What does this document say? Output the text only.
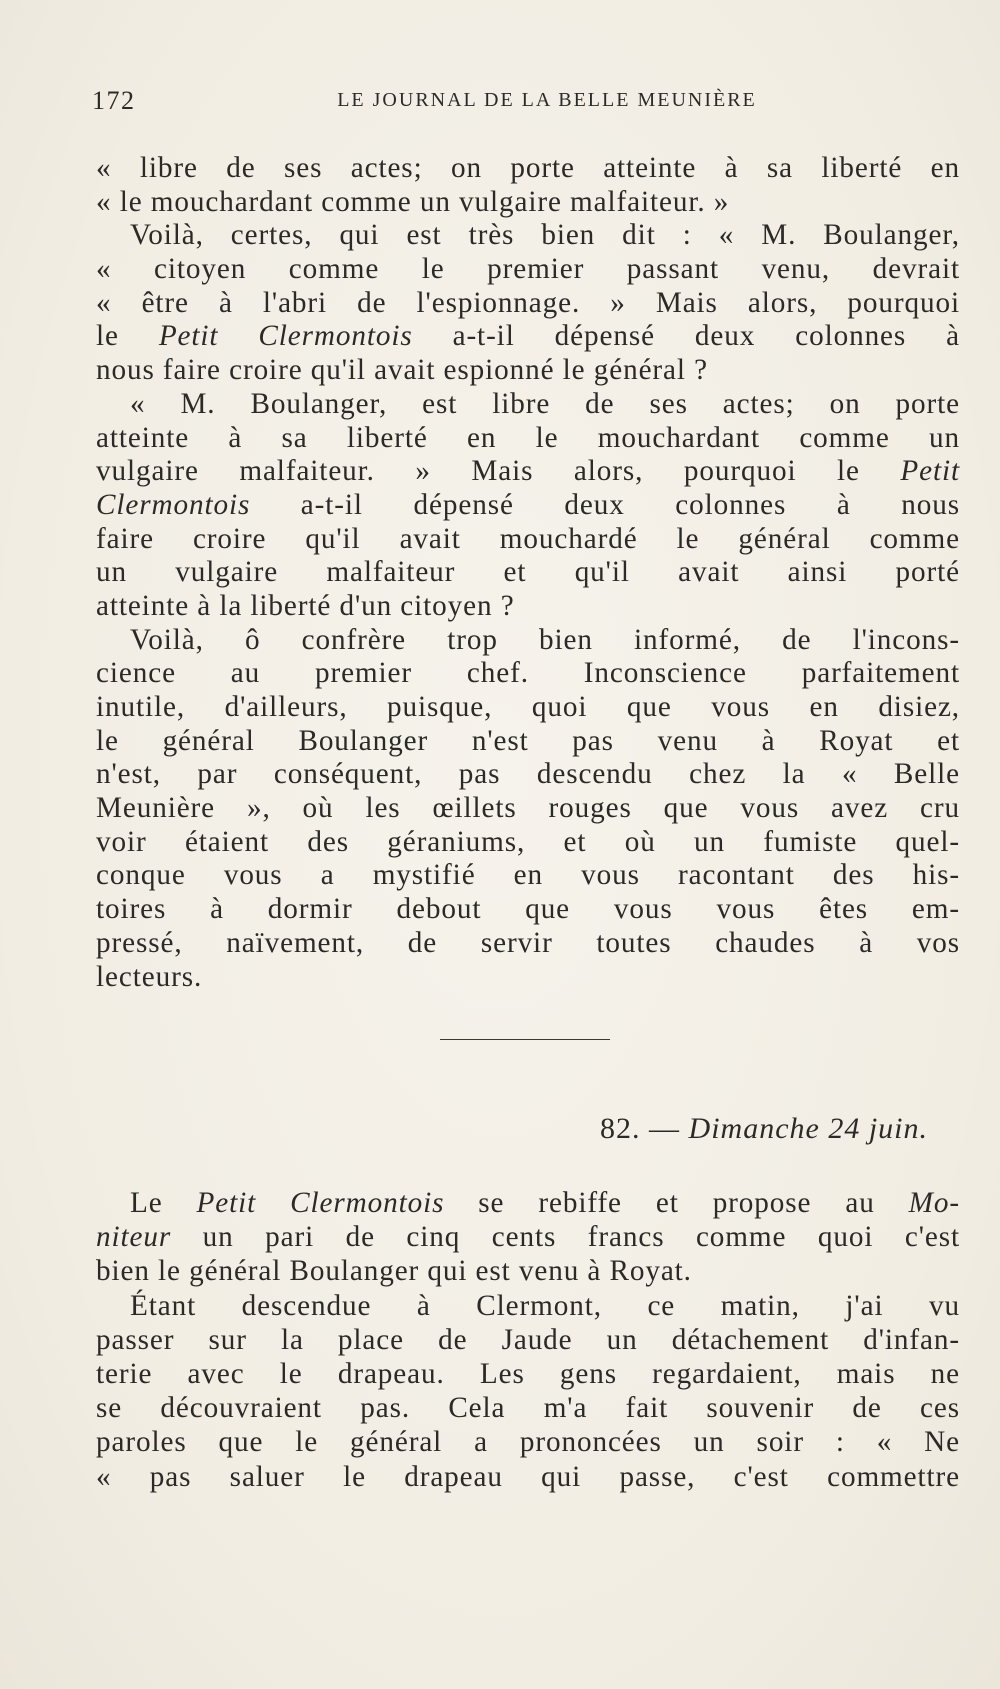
172	LE JOURNAL DE LA BELLE MEUNIÈRE
« libre de ses actes; on porte atteinte à sa liberté en
« le mouchardant comme un vulgaire malfaiteur. »
Voilà, certes, qui est très bien dit : « M. Boulanger,
« citoyen comme le premier passant venu, devrait
« être à l'abri de l'espionnage. » Mais alors, pourquoi
le Petit Clermontois a-t-il dépensé deux colonnes à
nous faire croire qu'il avait espionné le général ?
« M. Boulanger, est libre de ses actes; on porte
atteinte à sa liberté en le mouchardant comme un
vulgaire malfaiteur. » Mais alors, pourquoi le Petit
Clermontois a-t-il dépensé deux colonnes à nous
faire croire qu'il avait mouchardé le général comme
un vulgaire malfaiteur et qu'il avait ainsi porté
atteinte à la liberté d'un citoyen ?
Voilà, ô confrère trop bien informé, de l'incons-
cience au premier chef. Inconscience parfaitement
inutile, d'ailleurs, puisque, quoi que vous en disiez,
le général Boulanger n'est pas venu à Royat et
n'est, par conséquent, pas descendu chez la « Belle
Meunière », où les œillets rouges que vous avez cru
voir étaient des géraniums, et où un fumiste quel-
conque vous a mystifié en vous racontant des his-
toires à dormir debout que vous vous êtes em-
pressé, naïvement, de servir toutes chaudes à vos
lecteurs.
82. — Dimanche 24 juin.
Le Petit Clermontois se rebiffe et propose au Mo-
niteur un pari de cinq cents francs comme quoi c'est
bien le général Boulanger qui est venu à Royat.
Étant descendue à Clermont, ce matin, j'ai vu
passer sur la place de Jaude un détachement d'infan-
terie avec le drapeau. Les gens regardaient, mais ne
se découvraient pas. Cela m'a fait souvenir de ces
paroles que le général a prononcées un soir : « Ne
« pas saluer le drapeau qui passe, c'est commettre
